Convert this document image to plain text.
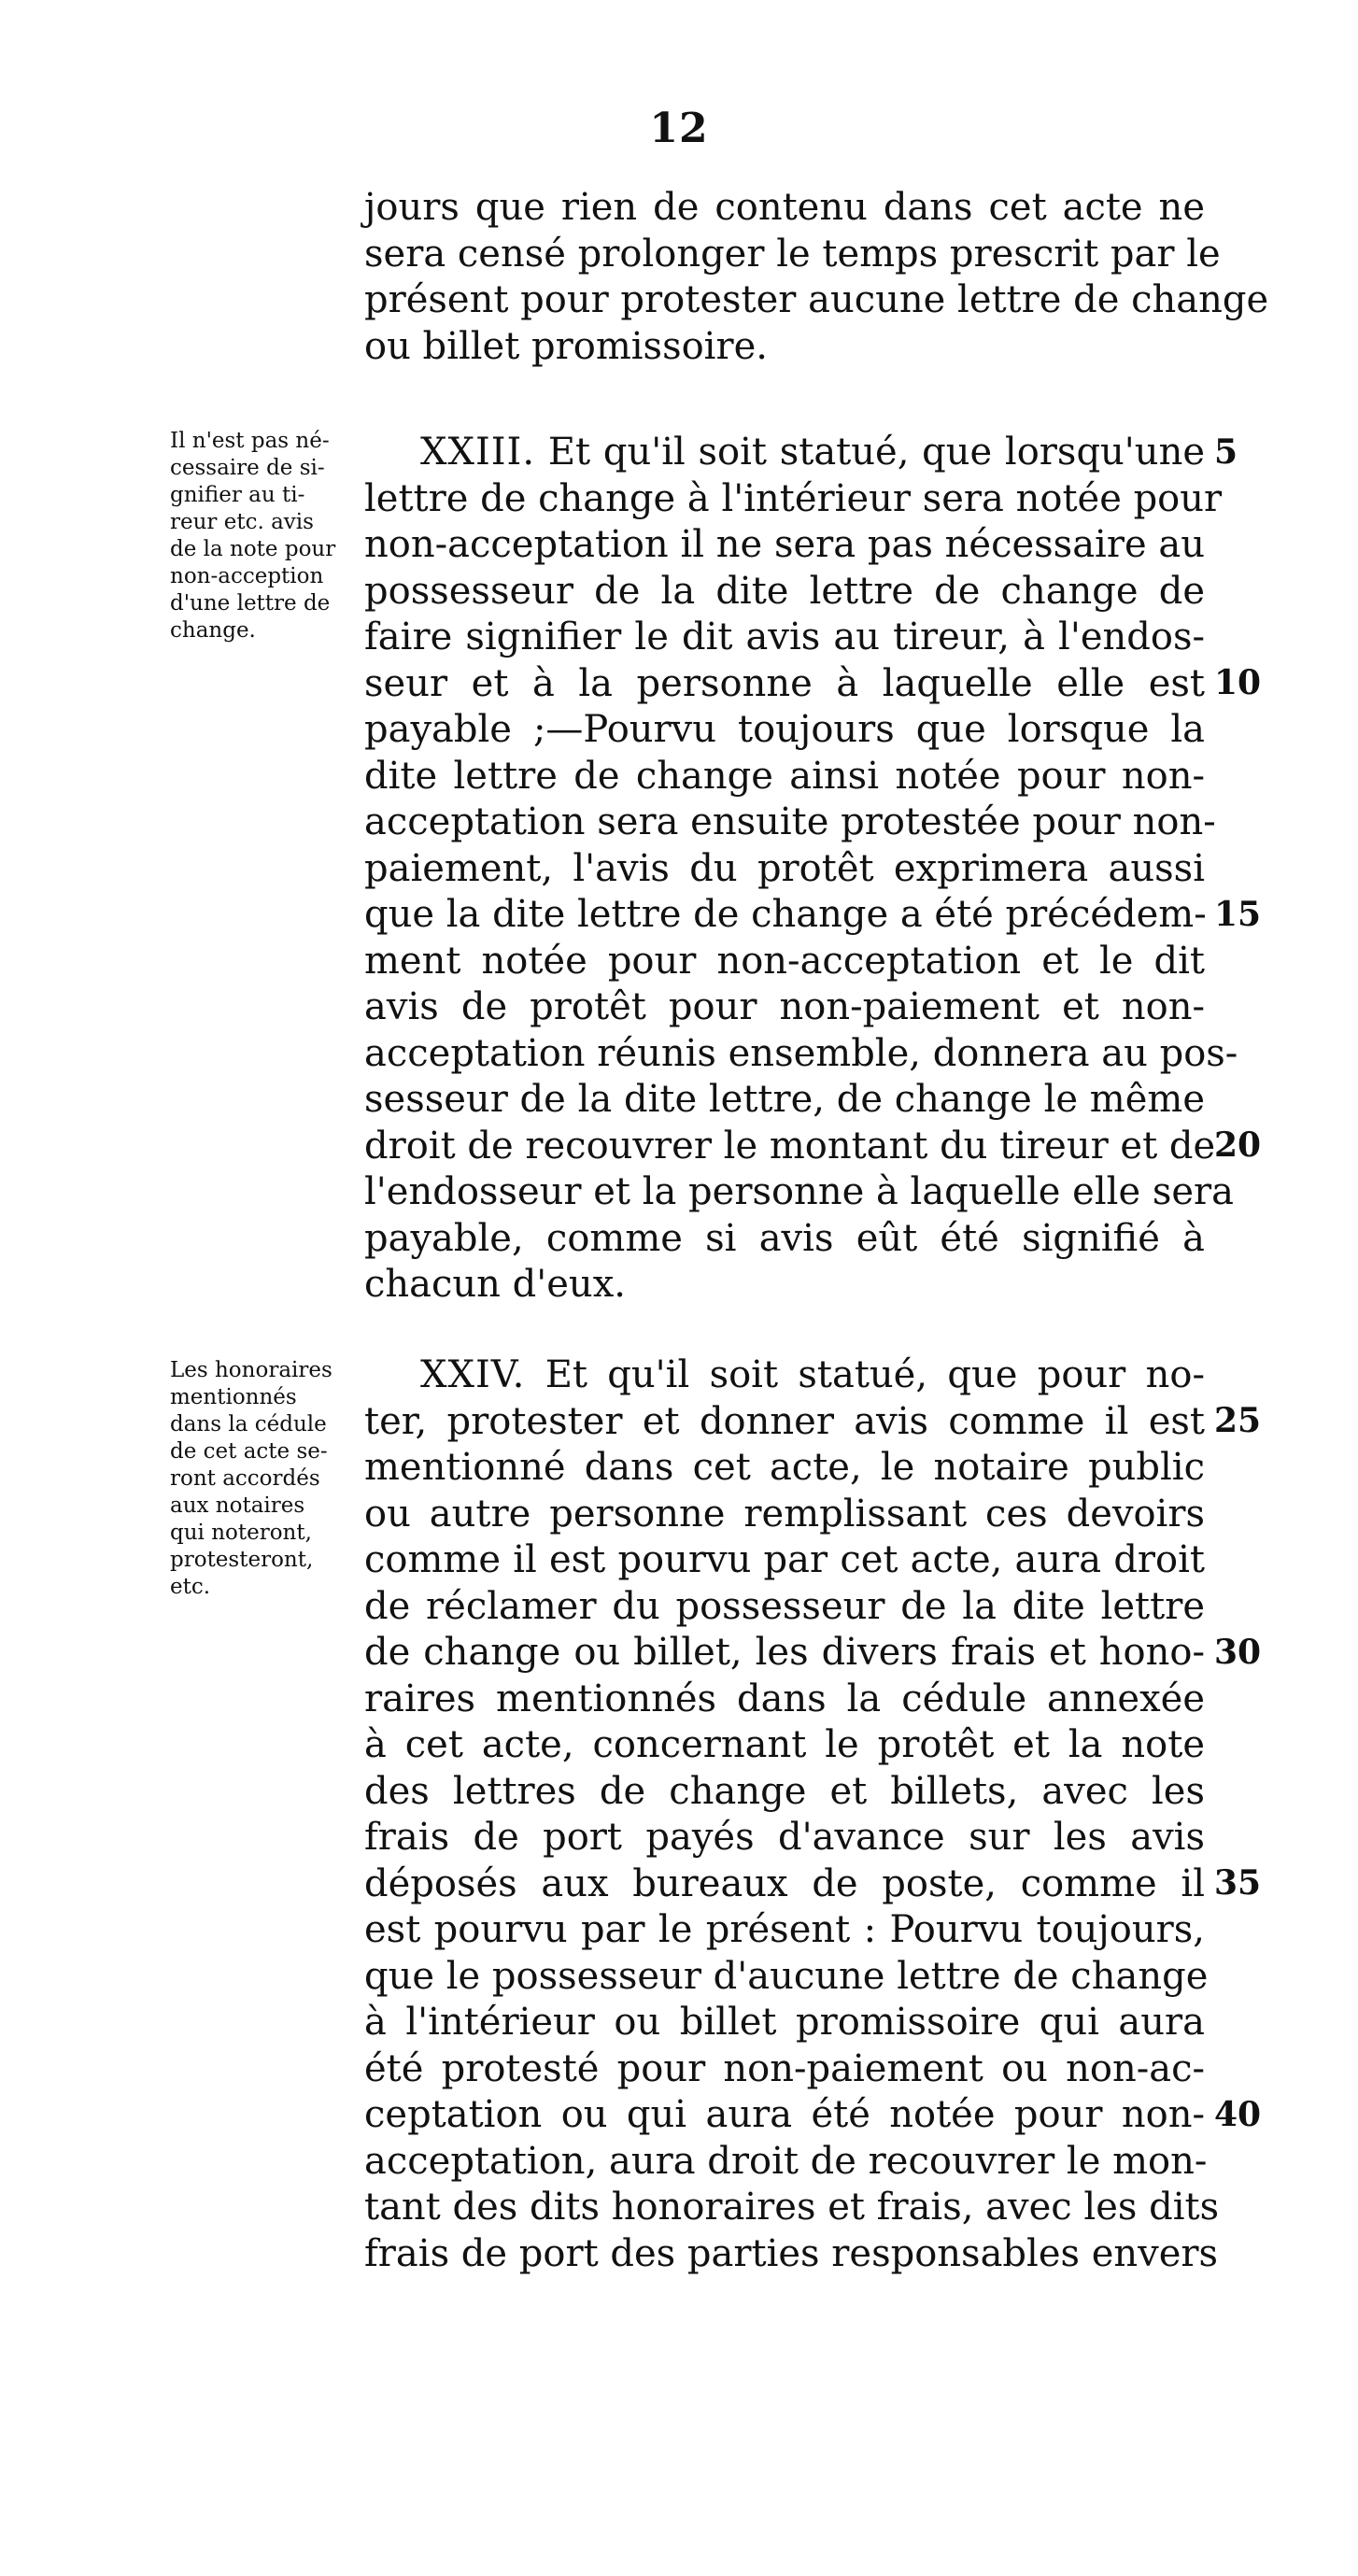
12
jours que rien de contenu dans cet acte ne
sera censé prolonger le temps prescrit par le
présent pour protester aucune lettre de change
ou billet promissoire.
Il n'est pas né-
cessaire de si-
gnifier au ti-
reur etc. avis
de la note pour
non-acception
d'une lettre de
change.
XXIII. Et qu'il soit statué, que lorsqu'une
lettre de change à l'intérieur sera notée pour
non-acceptation il ne sera pas nécessaire au
possesseur de la dite lettre de change de
faire signifier le dit avis au tireur, à l'endos-
seur et à la personne à laquelle elle est
payable ;—Pourvu toujours que lorsque la
dite lettre de change ainsi notée pour non-
acceptation sera ensuite protestée pour non-
paiement, l'avis du protêt exprimera aussi
que la dite lettre de change a été précédem-
ment notée pour non-acceptation et le dit
avis de protêt pour non-paiement et non-
acceptation réunis ensemble, donnera au pos-
sesseur de la dite lettre, de change le même
droit de recouvrer le montant du tireur et de
l'endosseur et la personne à laquelle elle sera
payable, comme si avis eût été signifié à
chacun d'eux.
Les honoraires
mentionnés
dans la cédule
de cet acte se-
ront accordés
aux notaires
qui noteront,
protesteront,
etc.
XXIV. Et qu'il soit statué, que pour no-
ter, protester et donner avis comme il est
mentionné dans cet acte, le notaire public
ou autre personne remplissant ces devoirs
comme il est pourvu par cet acte, aura droit
de réclamer du possesseur de la dite lettre
de change ou billet, les divers frais et hono-
raires mentionnés dans la cédule annexée
à cet acte, concernant le protêt et la note
des lettres de change et billets, avec les
frais de port payés d'avance sur les avis
déposés aux bureaux de poste, comme il
est pourvu par le présent : Pourvu toujours,
que le possesseur d'aucune lettre de change
à l'intérieur ou billet promissoire qui aura
été protesté pour non-paiement ou non-ac-
ceptation ou qui aura été notée pour non-
acceptation, aura droit de recouvrer le mon-
tant des dits honoraires et frais, avec les dits
frais de port des parties responsables envers
5
10
15
20
25
30
35
40
